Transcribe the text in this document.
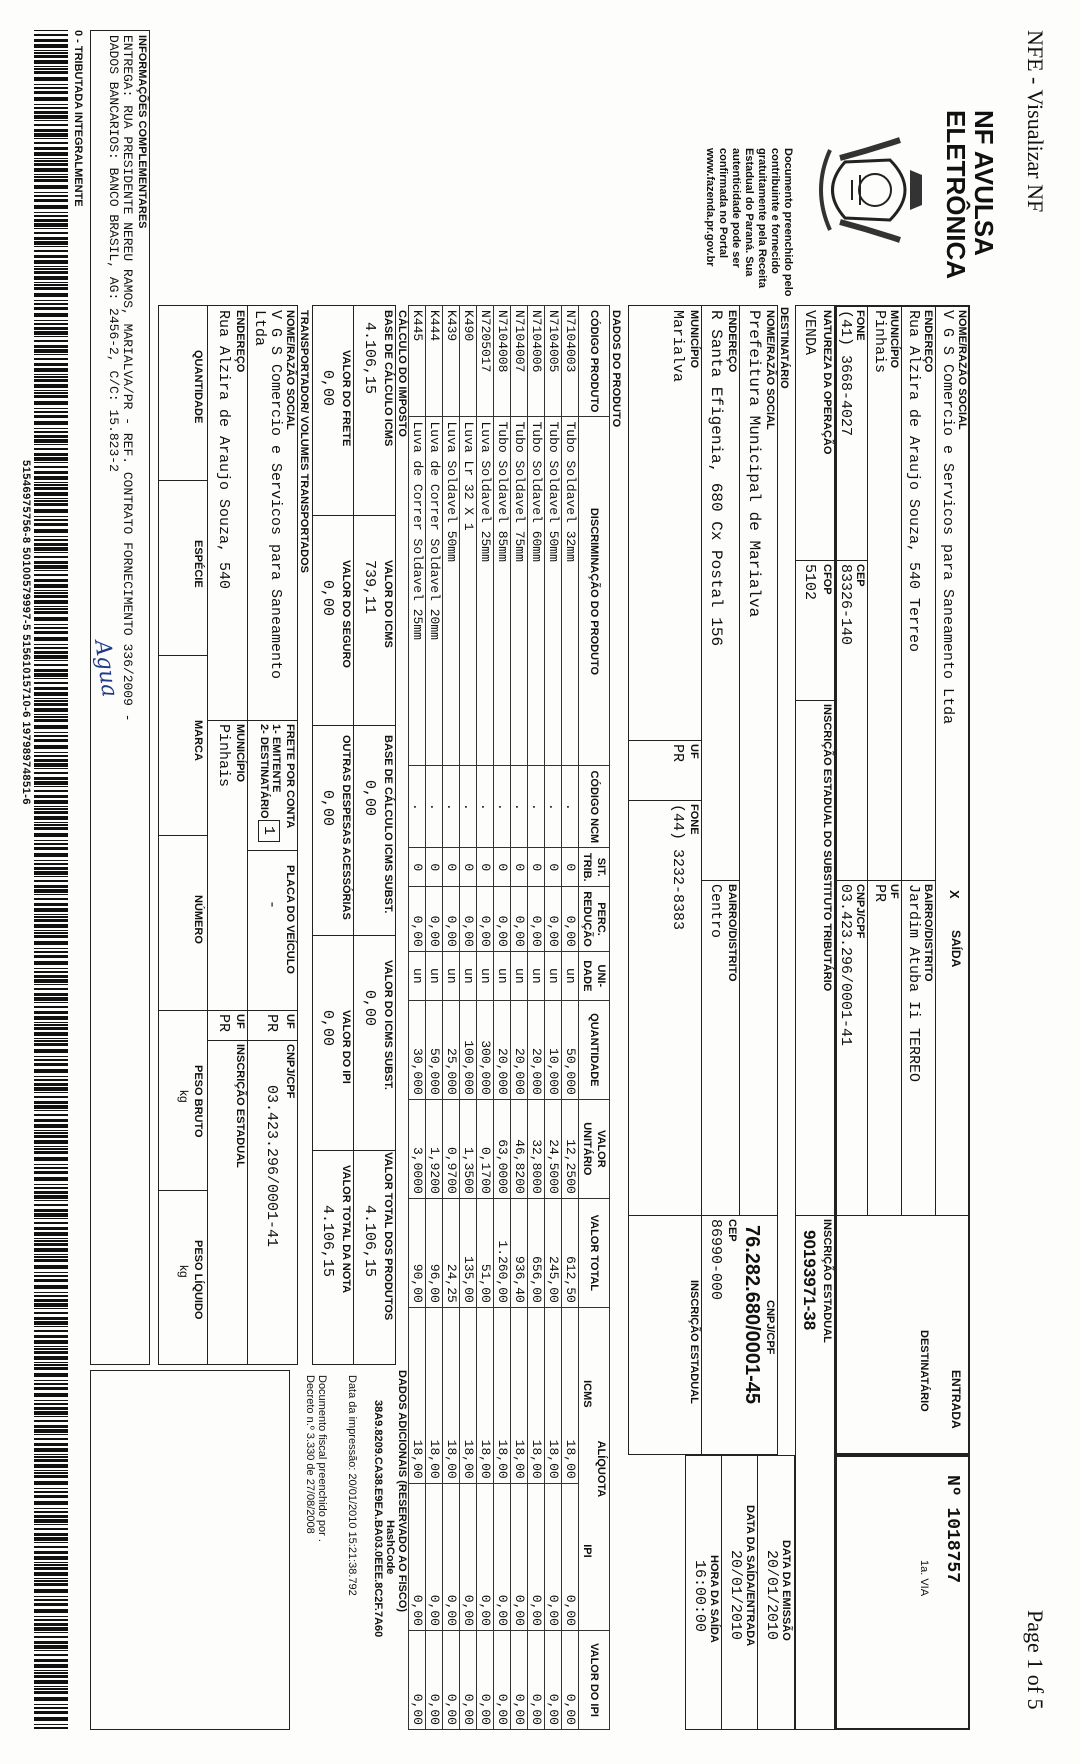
NFE - Visualizar NF
Page 1 of 5
NF AVULSA
ELETRÔNICA
Documento preenchido pelo
contribuinte e fornecido
gratuitamente pela Receita
Estadual do Paraná. Sua
autenticidade pode ser
confirmada no Portal
www.fazenda.pr.gov.br
NOME/RAZÃO SOCIAL
V G S Comercio e Servicos para Saneamento Ltda
ENDEREÇO
Rua Alzira de Araujo Souza, 540 Terreo
BAIRRO/DISTRITO
Jardim Atuba Ii TERREO
MUNICÍPIO
Pinhais
UF
PR
FONE
(41) 3668-4027
CEP
83326-140
CNPJ/CPF
03.423.296/0001-41	X
SAÍDA
ENTRADA
DESTINATÁRIO
Nº 1018757
1a. VIA
NATUREZA DA OPERAÇÃO
VENDA
CFOP
5102
INSCRIÇÃO ESTADUAL DO SUBSTITUTO TRIBUTÁRIO
INSCRIÇÃO ESTADUAL
90193971-38
DATA DA EMISSÃO
20/01/2010
DATA DA SAÍDA/ENTRADA
20/01/2010
HORA DA SAÍDA
16:00:00
DESTINATÁRIO
NOME/RAZÃO SOCIAL
Prefeitura Municipal de Marialva
CNPJ/CPF
76.282.680/0001-45
ENDEREÇO
R Santa Efigenia, 680 Cx Postal 156
BAIRRO/DISTRITO
Centro
CEP
86990-000
MUNICÍPIO
Marialva
UF
PR
FONE
(44) 3232-8383
INSCRIÇÃO ESTADUAL
DADOS DO PRODUTO
CÓDIGO PRODUTO	DISCRIMINAÇÃO DO PRODUTO	CÓDIGO NCM	SIT. TRIB.	PERC. REDUÇÃO	UNI-DADE	QUANTIDADE	VALOR UNITÁRIO	VALOR TOTAL	ALÍQUOTA
ICMS
IPI		VALOR DO IPI
N7104003	Tubo Soldavel 32mm	.	0	0,00	un	50,000	12,2500	612,50	18,00	0,00	0,00
N7104005	Tubo Soldavel 50mm	.	0	0,00	un	10,000	24,5000	245,00	18,00	0,00	0,00
N7104006	Tubo Soldavel 60mm	.	0	0,00	un	20,000	32,8000	656,00	18,00	0,00	0,00
N7104007	Tubo Soldavel 75mm	.	0	0,00	un	20,000	46,8200	936,40	18,00	0,00	0,00
N7104008	Tubo Soldavel 85mm	.	0	0,00	un	20,000	63,0000	1.260,00	18,00	0,00	0,00
N7205017	Luva Soldavel 25mm	.	0	0,00	un	300,000	0,1700	51,00	18,00	0,00	0,00
K490	Luva Lr 32 X 1	.	0	0,00	un	100,000	1,3500	135,00	18,00	0,00	0,00
K439	Luva Soldavel 50mm	.	0	0,00	un	25,000	0,9700	24,25	18,00	0,00	0,00
K444	Luva de Correr Soldavel 20mm	.	0	0,00	un	50,000	1,9200	96,00	18,00	0,00	0,00
K445	Luva de Correr Soldavel 25mm	.	0	0,00	un	30,000	3,0000	90,00	18,00	0,00	0,00
CÁLCULO DO IMPOSTO
BASE DE CÁLCULO ICMS
4.106,15
VALOR DO ICMS
739,11
BASE DE CÁLCULO ICMS SUBST.
0,00
VALOR DO ICMS SUBST.
0,00
VALOR TOTAL DOS PRODUTOS
4.106,15
VALOR DO FRETE
0,00
VALOR DO SEGURO
0,00
OUTRAS DESPESAS ACESSÓRIAS
0,00
VALOR DO IPI
0,00
VALOR TOTAL DA NOTA
4.106,15
TRANSPORTADOR/ VOLUMES TRANSPORTADOS
NOME/RAZÃO SOCIAL
V G S Comercio e Servicos para Saneamento
Ltda
FRETE POR CONTA
1- EMITENTE
2- DESTINATÁRIO
1
PLACA DO VEÍCULO
-
UF
PR
CNPJ/CPF
03.423.296/0001-41
ENDEREÇO
Rua Alzira de Araujo Souza, 540
MUNICÍPIO
Pinhais
UF
PR
INSCRIÇÃO ESTADUAL
QUANTIDADE
ESPÉCIE
MARCA
NÚMERO
PESO BRUTO
kg
PESO LÍQUIDO
kg
DADOS ADICIONAIS (RESERVADO AO FISCO)
HashCode
38A9.8209.CA38.E9EA.BA03.0EEE.8C2F.7A60
Data da impressão: 20/01/2010 15:21:38.792
Documento fiscal preenchido por .
Decreto n.º 3.330 de 27/08/2008
INFORMAÇÕES COMPLEMENTARES
ENTREGA: RUA PRESIDENTE NEREU RAMOS, MARIALVA/PR - REF. CONTRATO FORNECIMENTO 336/2009 -
DADOS BANCARIOS: BANCO BRASIL, AG: 2456-2, C/C: 15.823-2
Agua
0 - TRIBUTADA INTEGRALMENTE
51546975756-8 50100579997-5 51561015710-6 19798974851-6
